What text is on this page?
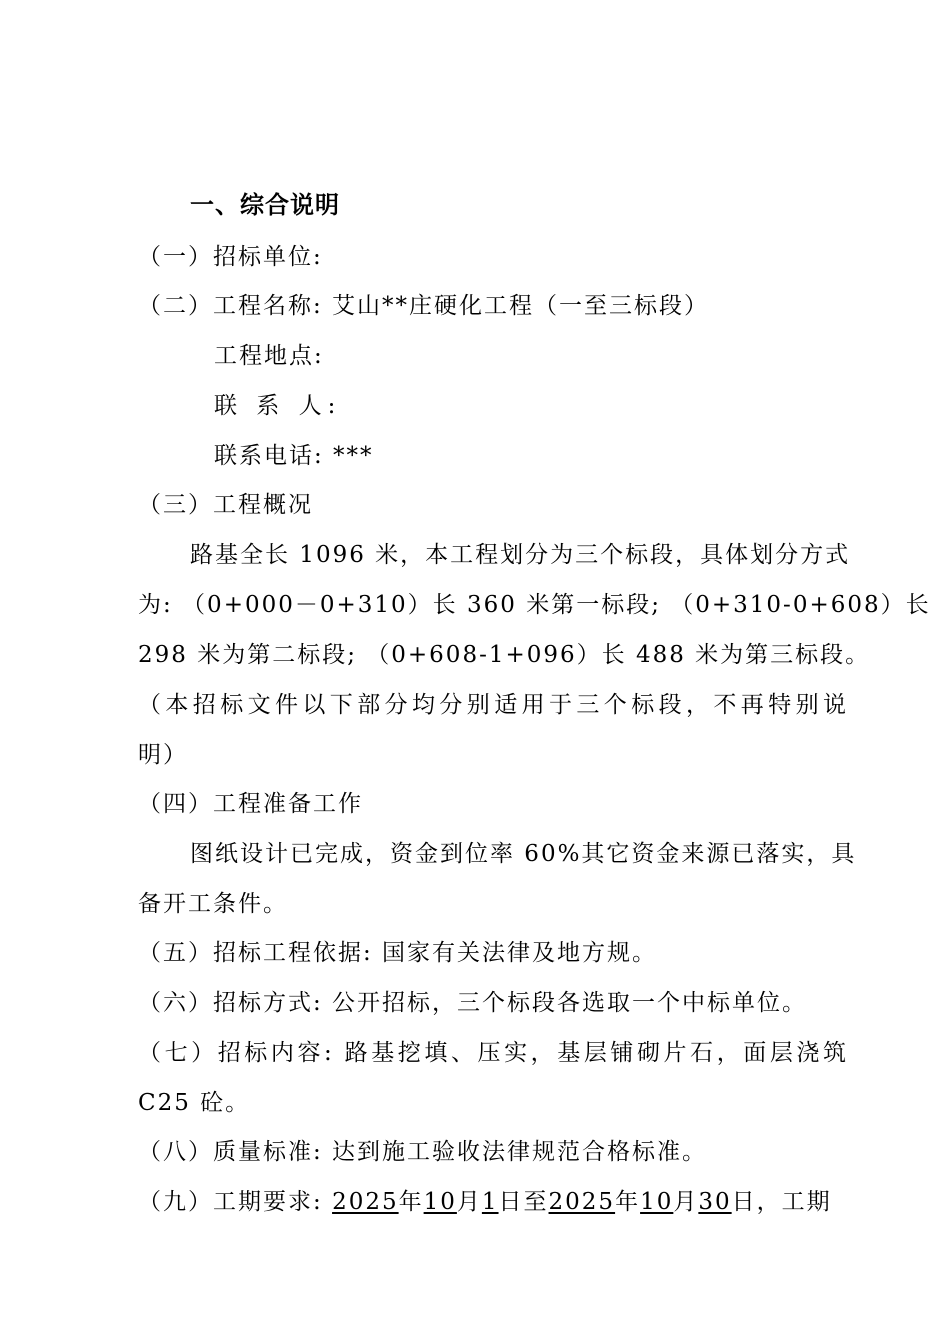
一、综合说明
（一）招标单位:
（二）工程名称: 艾山**庄硬化工程（一至三标段）
工程地点:
联 系 人:
联系电话: ***
（三）工程概况
路基全长 1096 米，本工程划分为三个标段，具体划分方式
为: （0+000－0+310）长 360 米第一标段; （0+310-0+608）长
298 米为第二标段; （0+608-1+096）长 488 米为第三标段。
（本招标文件以下部分均分别适用于三个标段，不再特别说
明）
（四）工程准备工作
图纸设计已完成，资金到位率 60%其它资金来源已落实，具
备开工条件。
（五）招标工程依据: 国家有关法律及地方规。
（六）招标方式: 公开招标，三个标段各选取一个中标单位。
（七）招标内容: 路基挖填、压实，基层铺砌片石，面层浇筑
C25 砼。
（八）质量标准: 达到施工验收法律规范合格标准。
（九）工期要求: 2025年10月1日至2025年10月30日，工期
